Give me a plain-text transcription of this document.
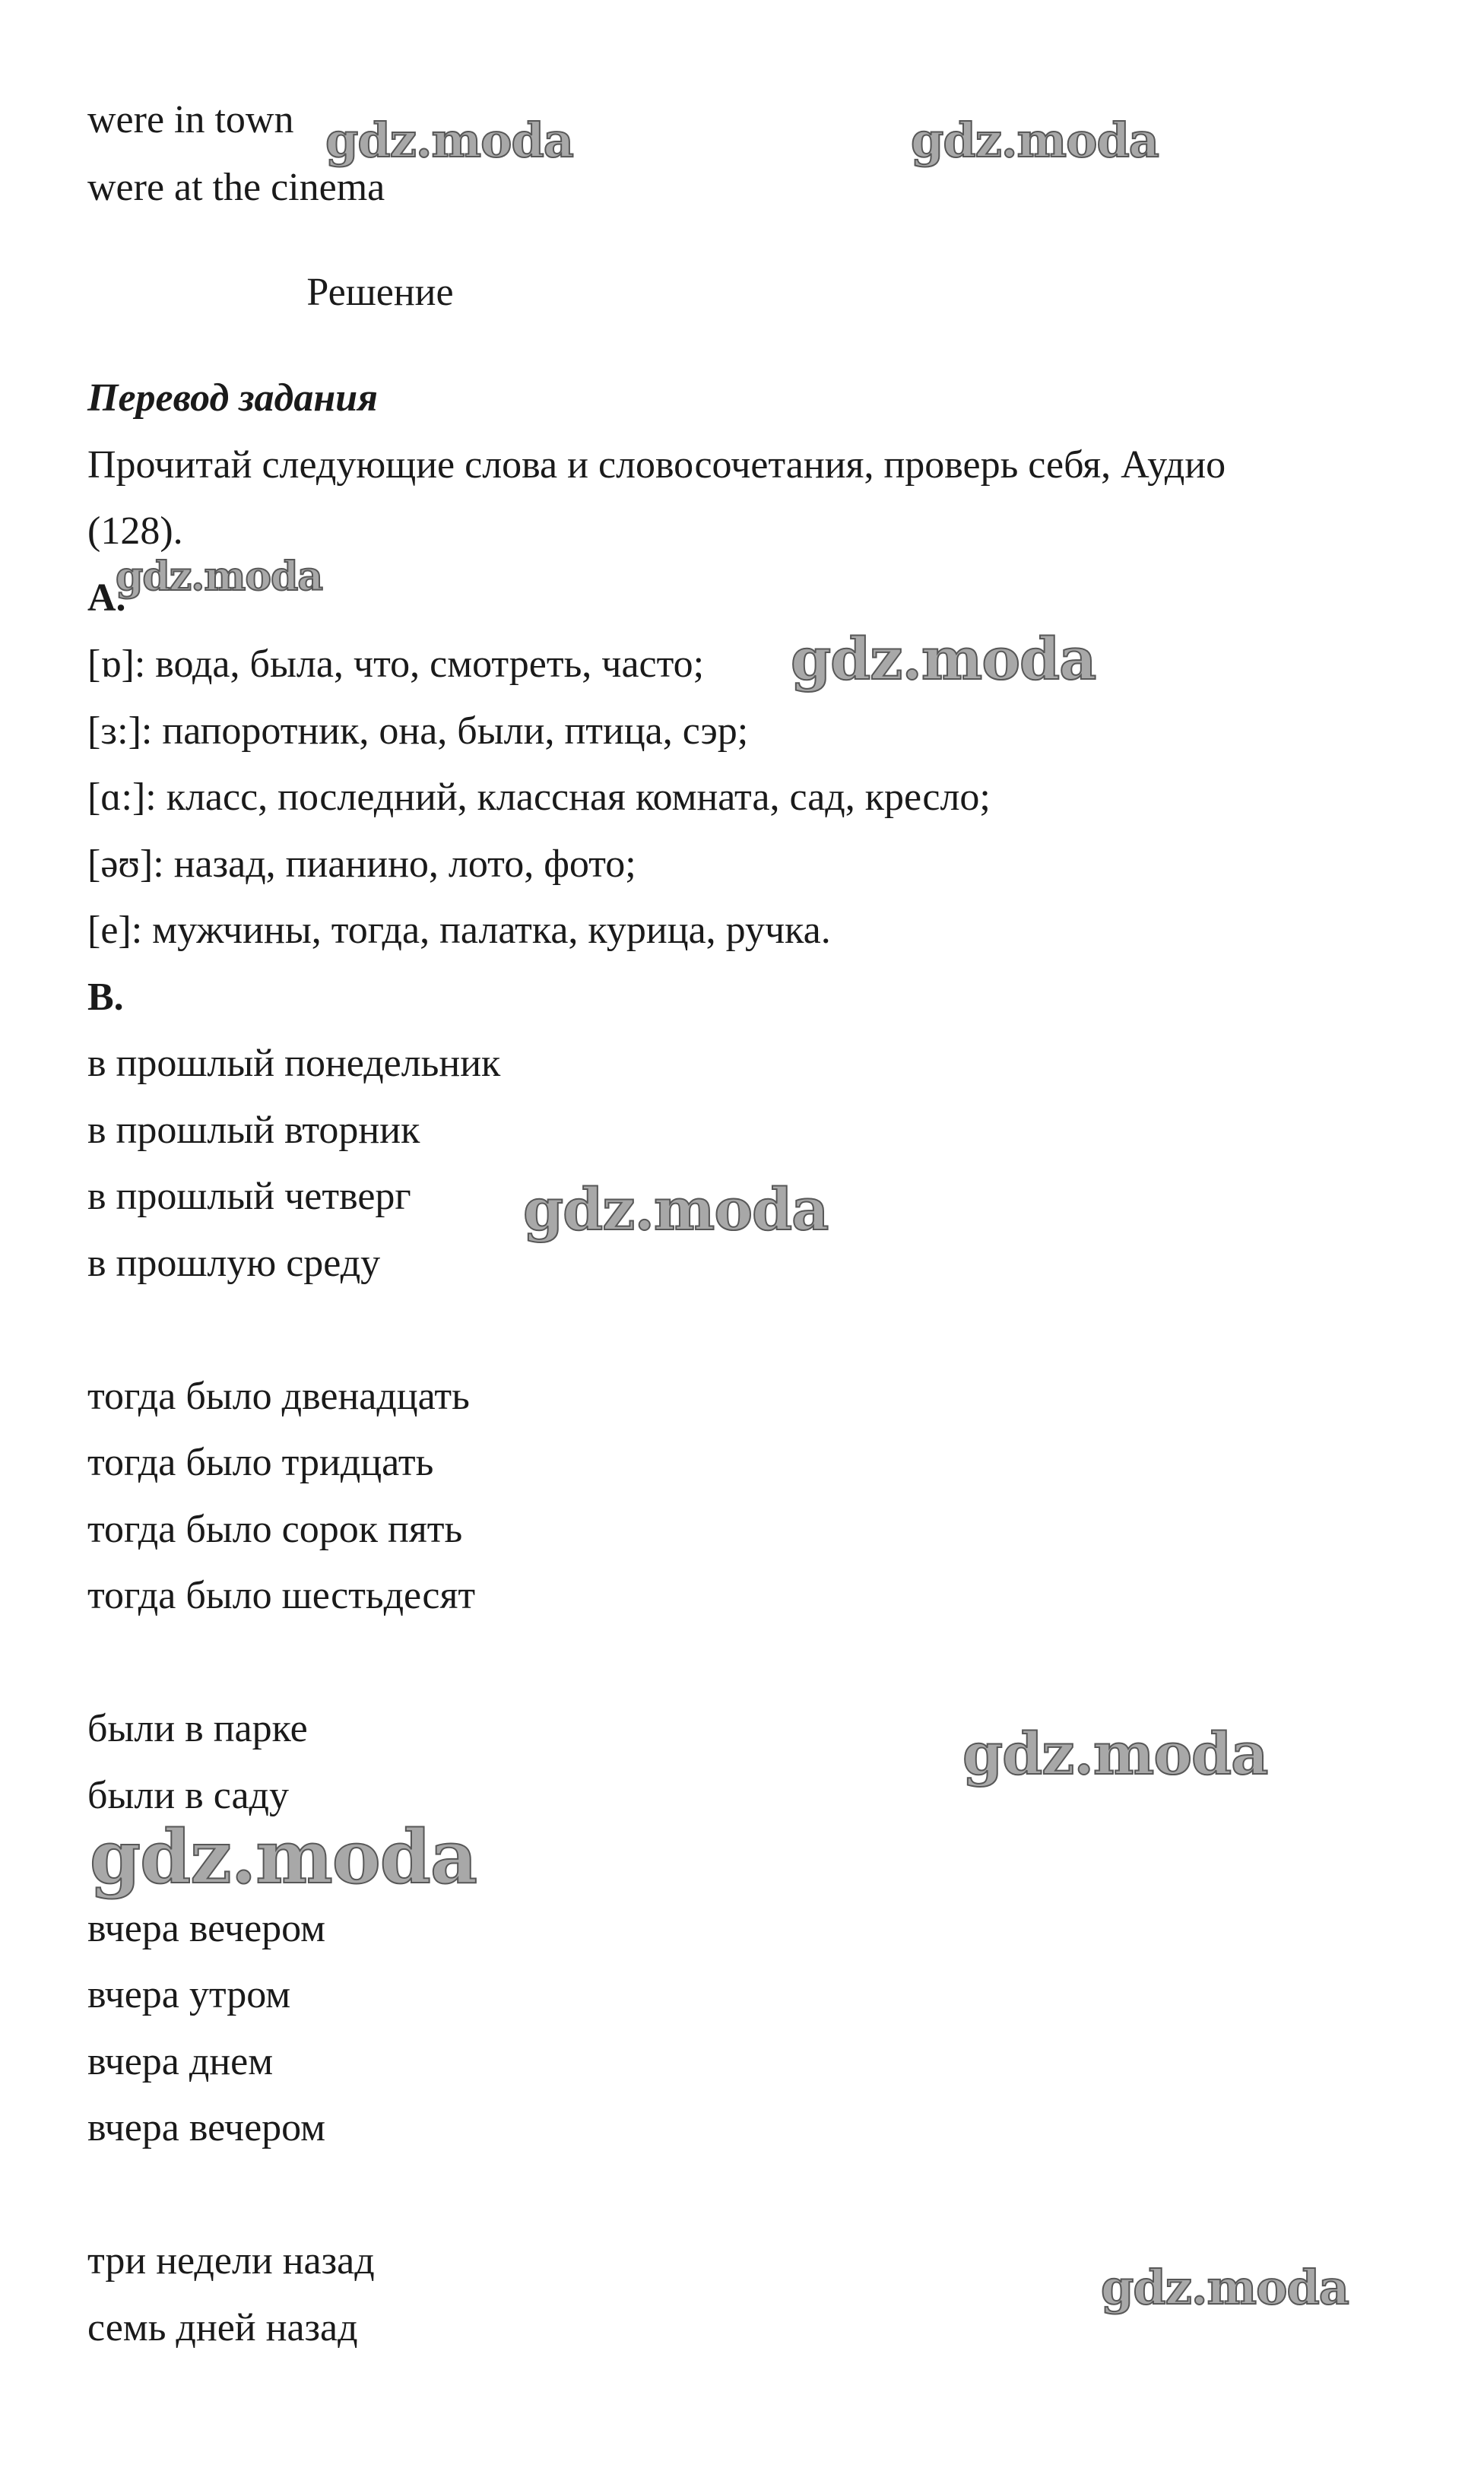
were in town
were at the cinema
Решение
Перевод задания
Прочитай следующие слова и словосочетания, проверь себя, Аудио
(128).
A.
[ɒ]: вода, была, что, смотреть, часто;
[ɜ:]: папоротник, она, были, птица, сэр;
[ɑ:]: класс, последний, классная комната, сад, кресло;
[əʊ]: назад, пианино, лото, фото;
[e]: мужчины, тогда, палатка, курица, ручка.
B.
в прошлый понедельник
в прошлый вторник
в прошлый четверг
в прошлую среду
тогда было двенадцать
тогда было тридцать
тогда было сорок пять
тогда было шестьдесят
были в парке
были в саду
вчера вечером
вчера утром
вчера днем
вчера вечером
три недели назад
семь дней назад
gdz.moda	gdz.moda
gdz.moda
gdz.moda
gdz.moda
gdz.moda
gdz.moda
gdz.moda
